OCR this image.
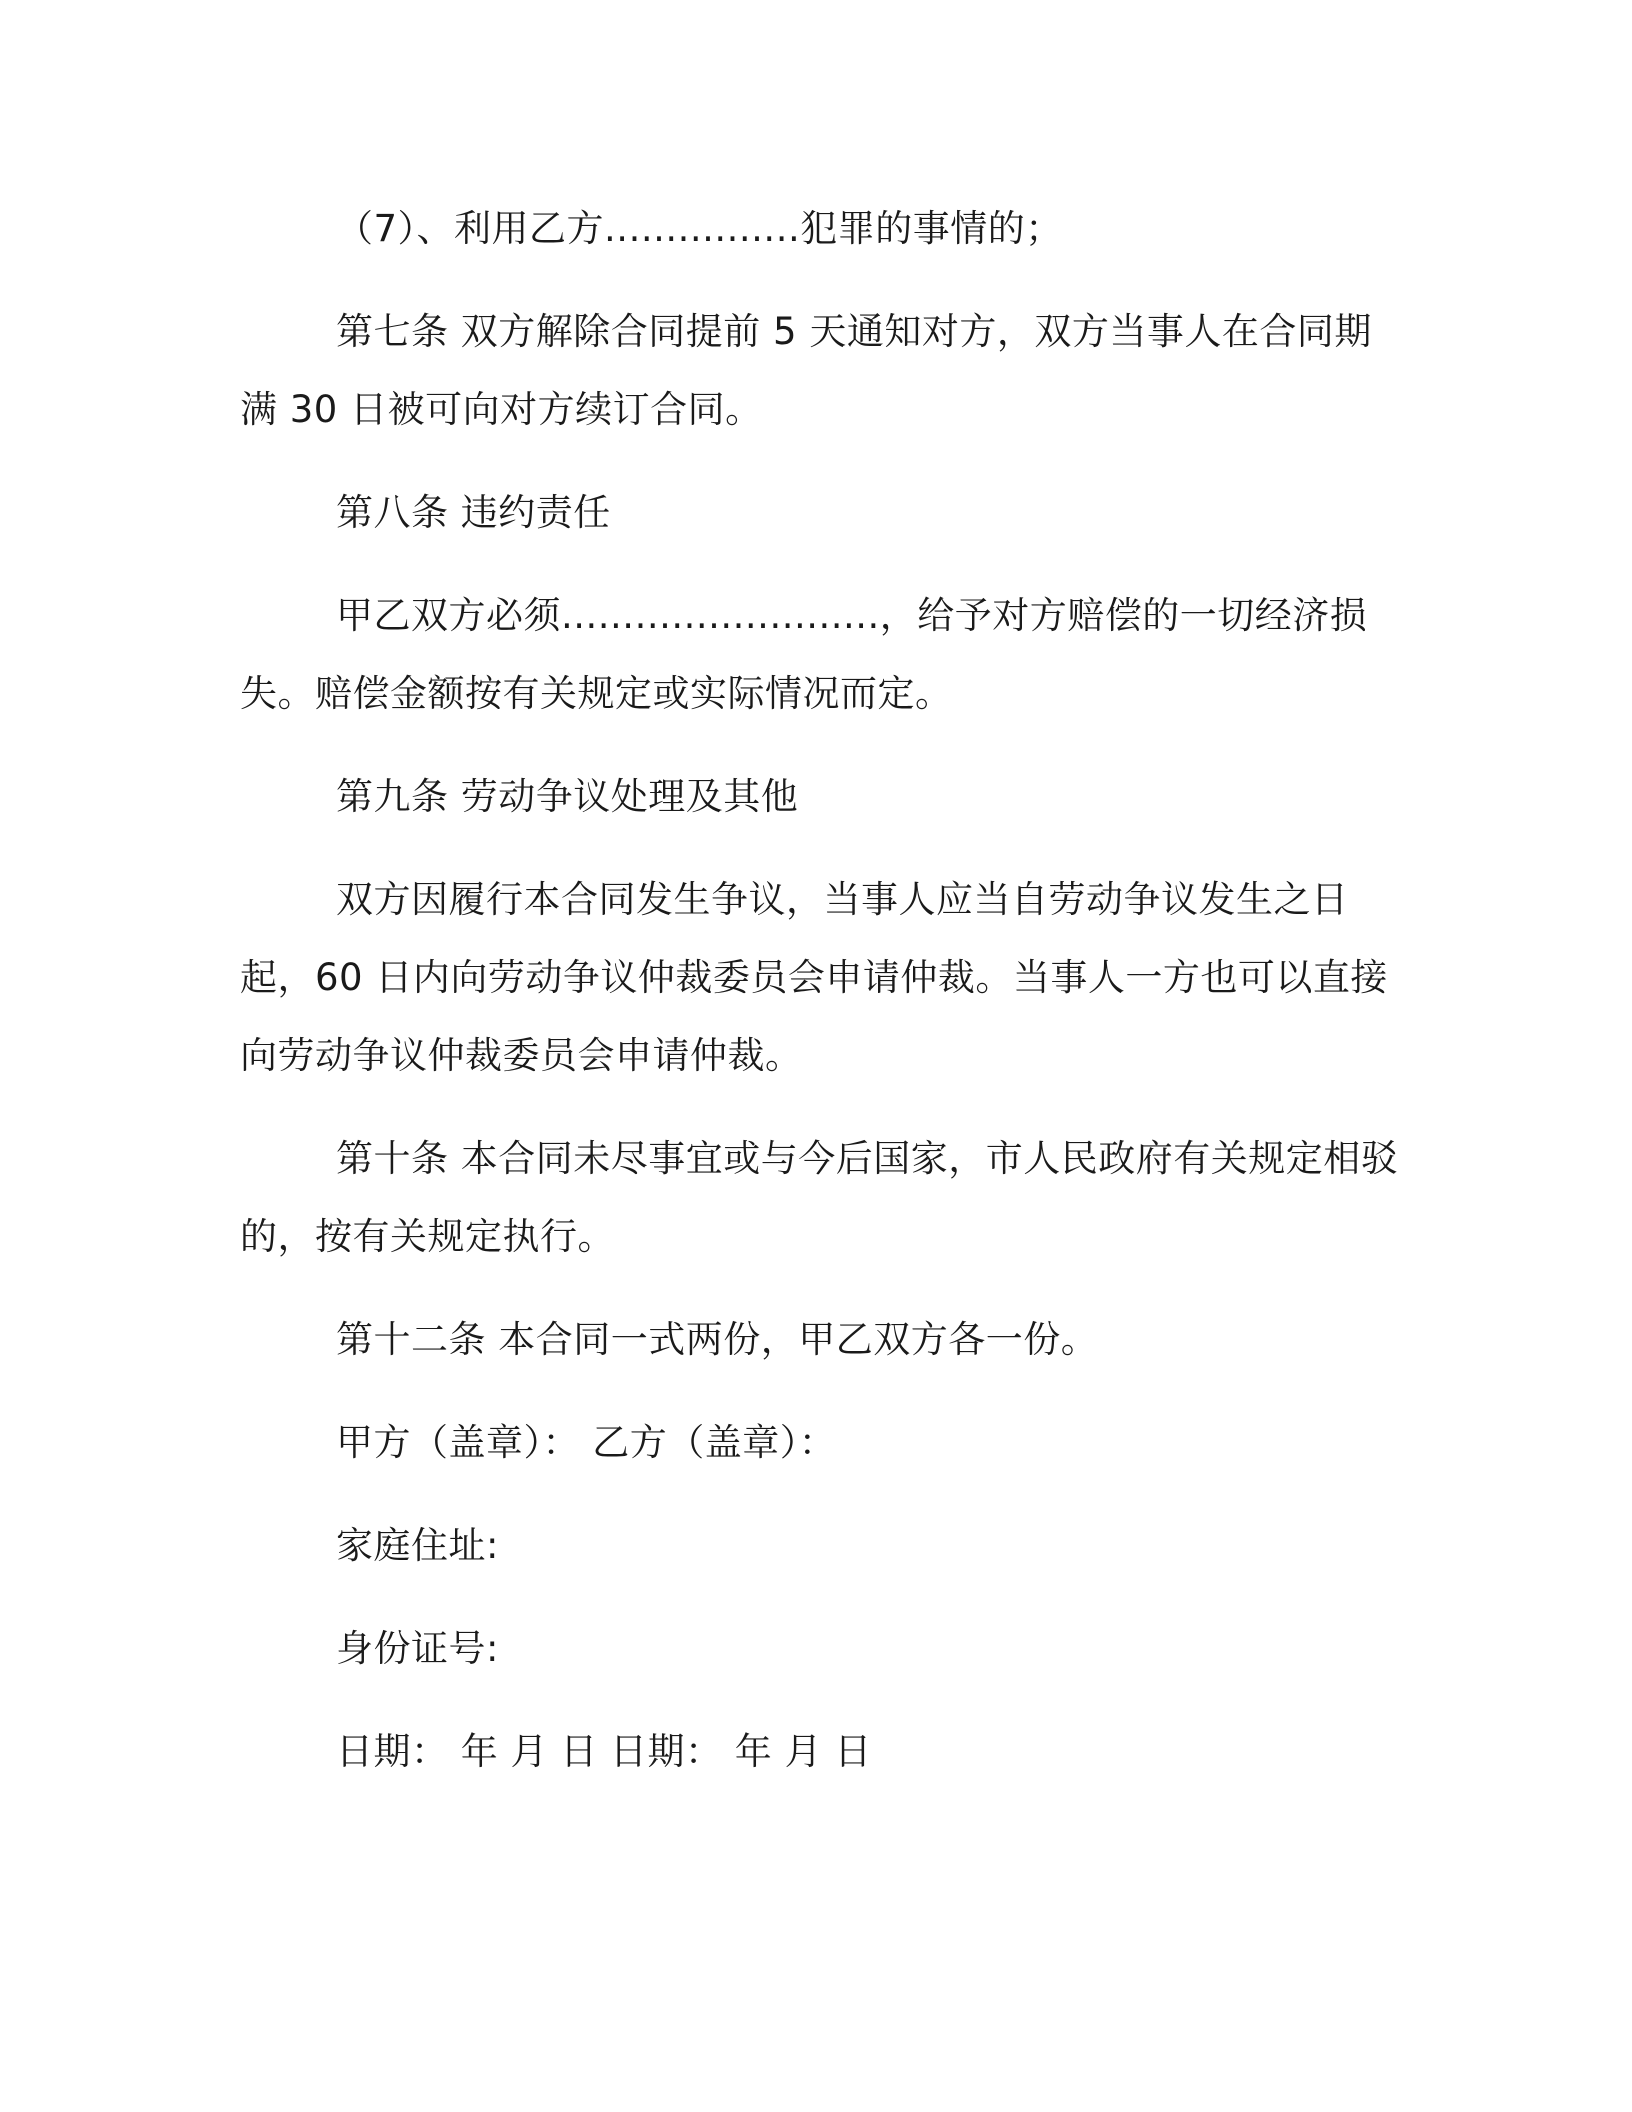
（7）、利用乙方................犯罪的事情的；

第七条 双方解除合同提前 5 天通知对方，双方当事人在合同期满 30 日被可向对方续订合同。

第八条 违约责任

甲乙双方必须..........................，给予对方赔偿的一切经济损失。赔偿金额按有关规定或实际情况而定。

第九条 劳动争议处理及其他

双方因履行本合同发生争议，当事人应当自劳动争议发生之日起，60 日内向劳动争议仲裁委员会申请仲裁。当事人一方也可以直接向劳动争议仲裁委员会申请仲裁。

第十条 本合同未尽事宜或与今后国家，市人民政府有关规定相驳的，按有关规定执行。

第十二条 本合同一式两份，甲乙双方各一份。

甲方（盖章）： 乙方（盖章）：

家庭住址:

身份证号:

日期： 年 月 日 日期： 年 月 日
